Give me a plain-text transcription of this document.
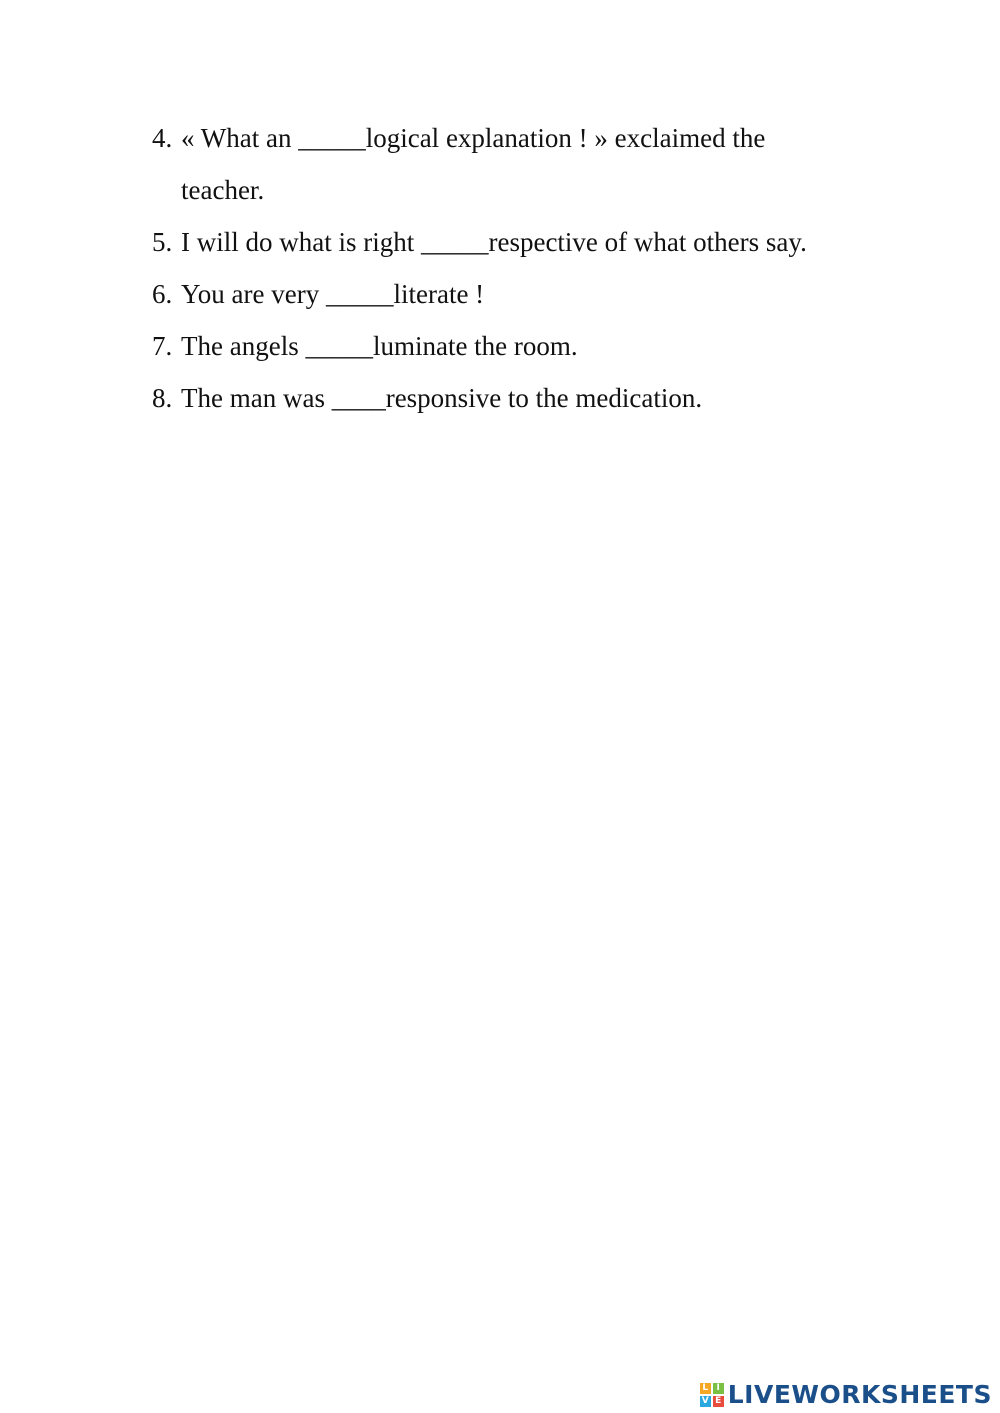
4. « What an _____logical explanation ! » exclaimed the teacher.
5. I will do what is right _____respective of what others say.
6. You are very _____literate !
7. The angels _____luminate the room.
8. The man was ____responsive to the medication.
L I
V E LIVEWORKSHEETS
